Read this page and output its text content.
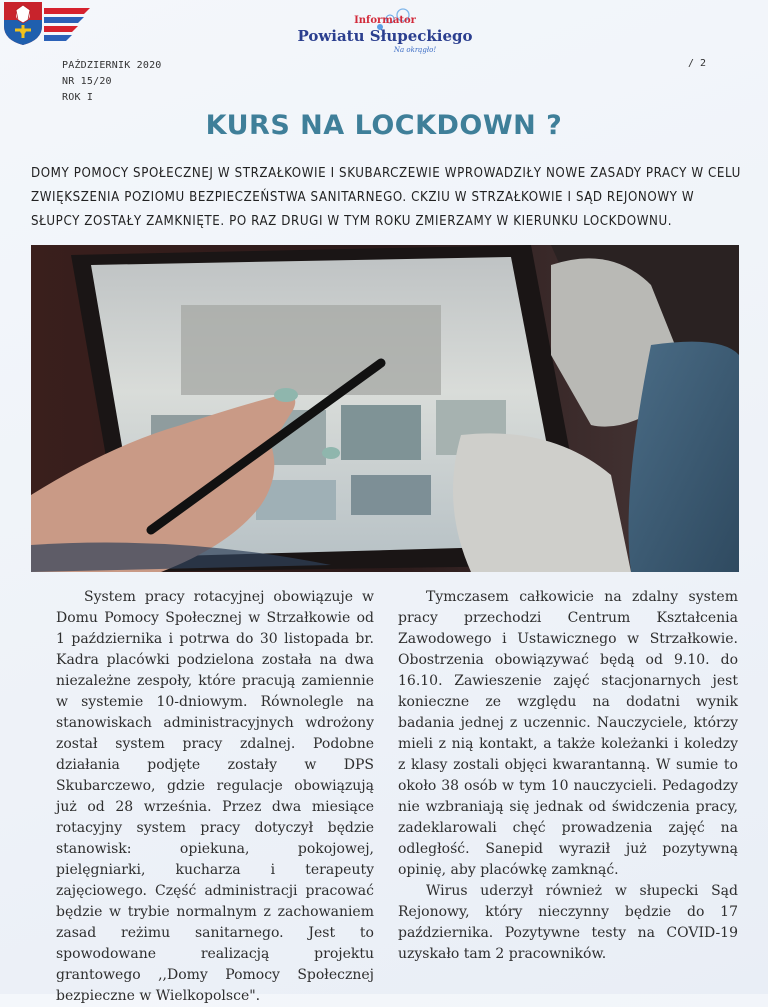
Informator
Powiatu Słupeckiego
Na okrągło!
PAŹDZIERNIK 2020
NR 15/20
ROK I
/ 2
KURS NA LOCKDOWN ?
DOMY POMOCY SPOŁECZNEJ W STRZAŁKOWIE I SKUBARCZEWIE WPROWADZIŁY NOWE ZASADY PRACY W CELU ZWIĘKSZENIA POZIOMU BEZPIECZEŃSTWA SANITARNEGO. CKZIU W STRZAŁKOWIE I SĄD REJONOWY W SŁUPCY ZOSTAŁY ZAMKNIĘTE. PO RAZ DRUGI W TYM ROKU ZMIERZAMY W KIERUNKU LOCKDOWNU.

System pracy rotacyjnej obowiązuje w Domu Pomocy Społecznej w Strzałkowie od 1 października i potrwa do 30 listopada br. Kadra placówki podzielona została na dwa niezależne zespoły, które pracują zamiennie w systemie 10-dniowym. Równolegle na stanowiskach administracyjnych wdrożony został system pracy zdalnej. Podobne działania podjęte zostały w DPS Skubarczewo, gdzie regulacje obowiązują już od 28 września. Przez dwa miesiące rotacyjny system pracy dotyczył będzie stanowisk: opiekuna, pokojowej, pielęgniarki, kucharza i terapeuty zajęciowego. Część administracji pracować będzie w trybie normalnym z zachowaniem zasad reżimu sanitarnego. Jest to spowodowane realizacją projektu grantowego ,,Domy Pomocy Społecznej bezpieczne w Wielkopolsce".

Tymczasem całkowicie na zdalny system pracy przechodzi Centrum Kształcenia Zawodowego i Ustawicznego w Strzałkowie. Obostrzenia obowiązywać będą od 9.10. do 16.10. Zawieszenie zajęć stacjonarnych jest konieczne ze względu na dodatni wynik badania jednej z uczennic. Nauczyciele, którzy mieli z nią kontakt, a także koleżanki i koledzy z klasy zostali objęci kwarantanną. W sumie to około 38 osób w tym 10 nauczycieli. Pedagodzy nie wzbraniają się jednak od świdczenia pracy, zadeklarowali chęć prowadzenia zajęć na odległość. Sanepid wyraził już pozytywną opinię, aby placówkę zamknąć.

Wirus uderzył również w słupecki Sąd Rejonowy, który nieczynny będzie do 17 października. Pozytywne testy na COVID-19 uzyskało tam 2 pracowników.
